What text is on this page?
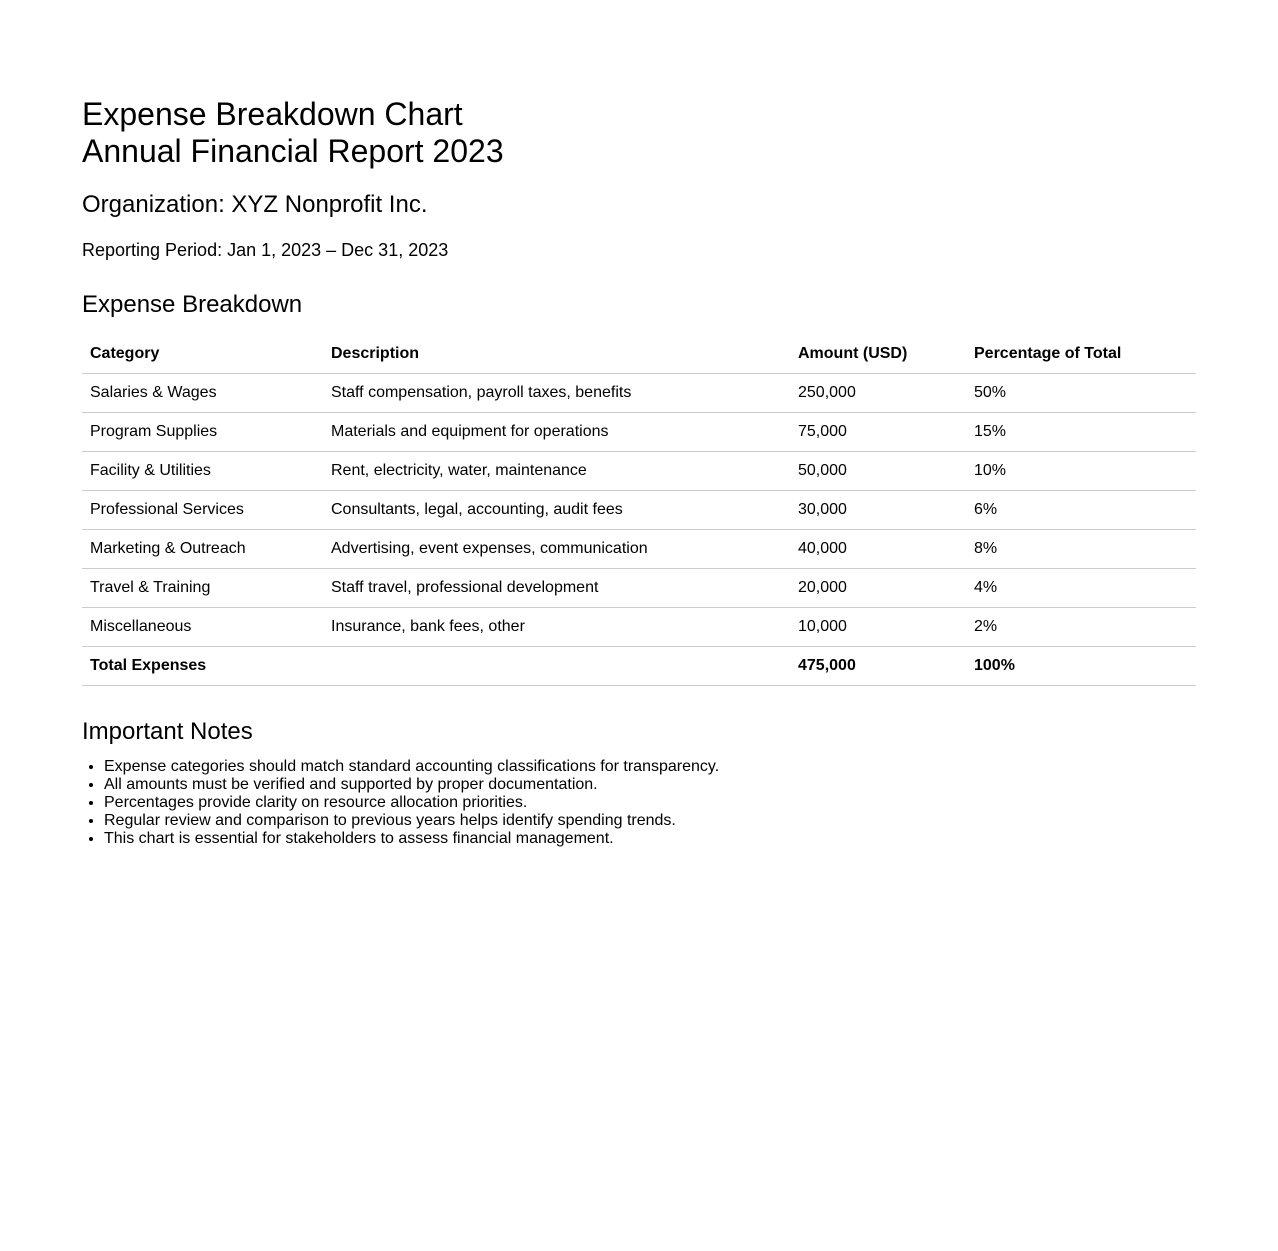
Expense Breakdown Chart
Annual Financial Report 2023
Organization: XYZ Nonprofit Inc.

Reporting Period: Jan 1, 2023 – Dec 31, 2023

Expense Breakdown
Category	Description	Amount (USD)	Percentage of Total
Salaries & Wages	Staff compensation, payroll taxes, benefits	250,000	50%
Program Supplies	Materials and equipment for operations	75,000	15%
Facility & Utilities	Rent, electricity, water, maintenance	50,000	10%
Professional Services	Consultants, legal, accounting, audit fees	30,000	6%
Marketing & Outreach	Advertising, event expenses, communication	40,000	8%
Travel & Training	Staff travel, professional development	20,000	4%
Miscellaneous	Insurance, bank fees, other	10,000	2%
Total Expenses		475,000	100%
Important Notes
• Expense categories should match standard accounting classifications for transparency.
• All amounts must be verified and supported by proper documentation.
• Percentages provide clarity on resource allocation priorities.
• Regular review and comparison to previous years helps identify spending trends.
• This chart is essential for stakeholders to assess financial management.
